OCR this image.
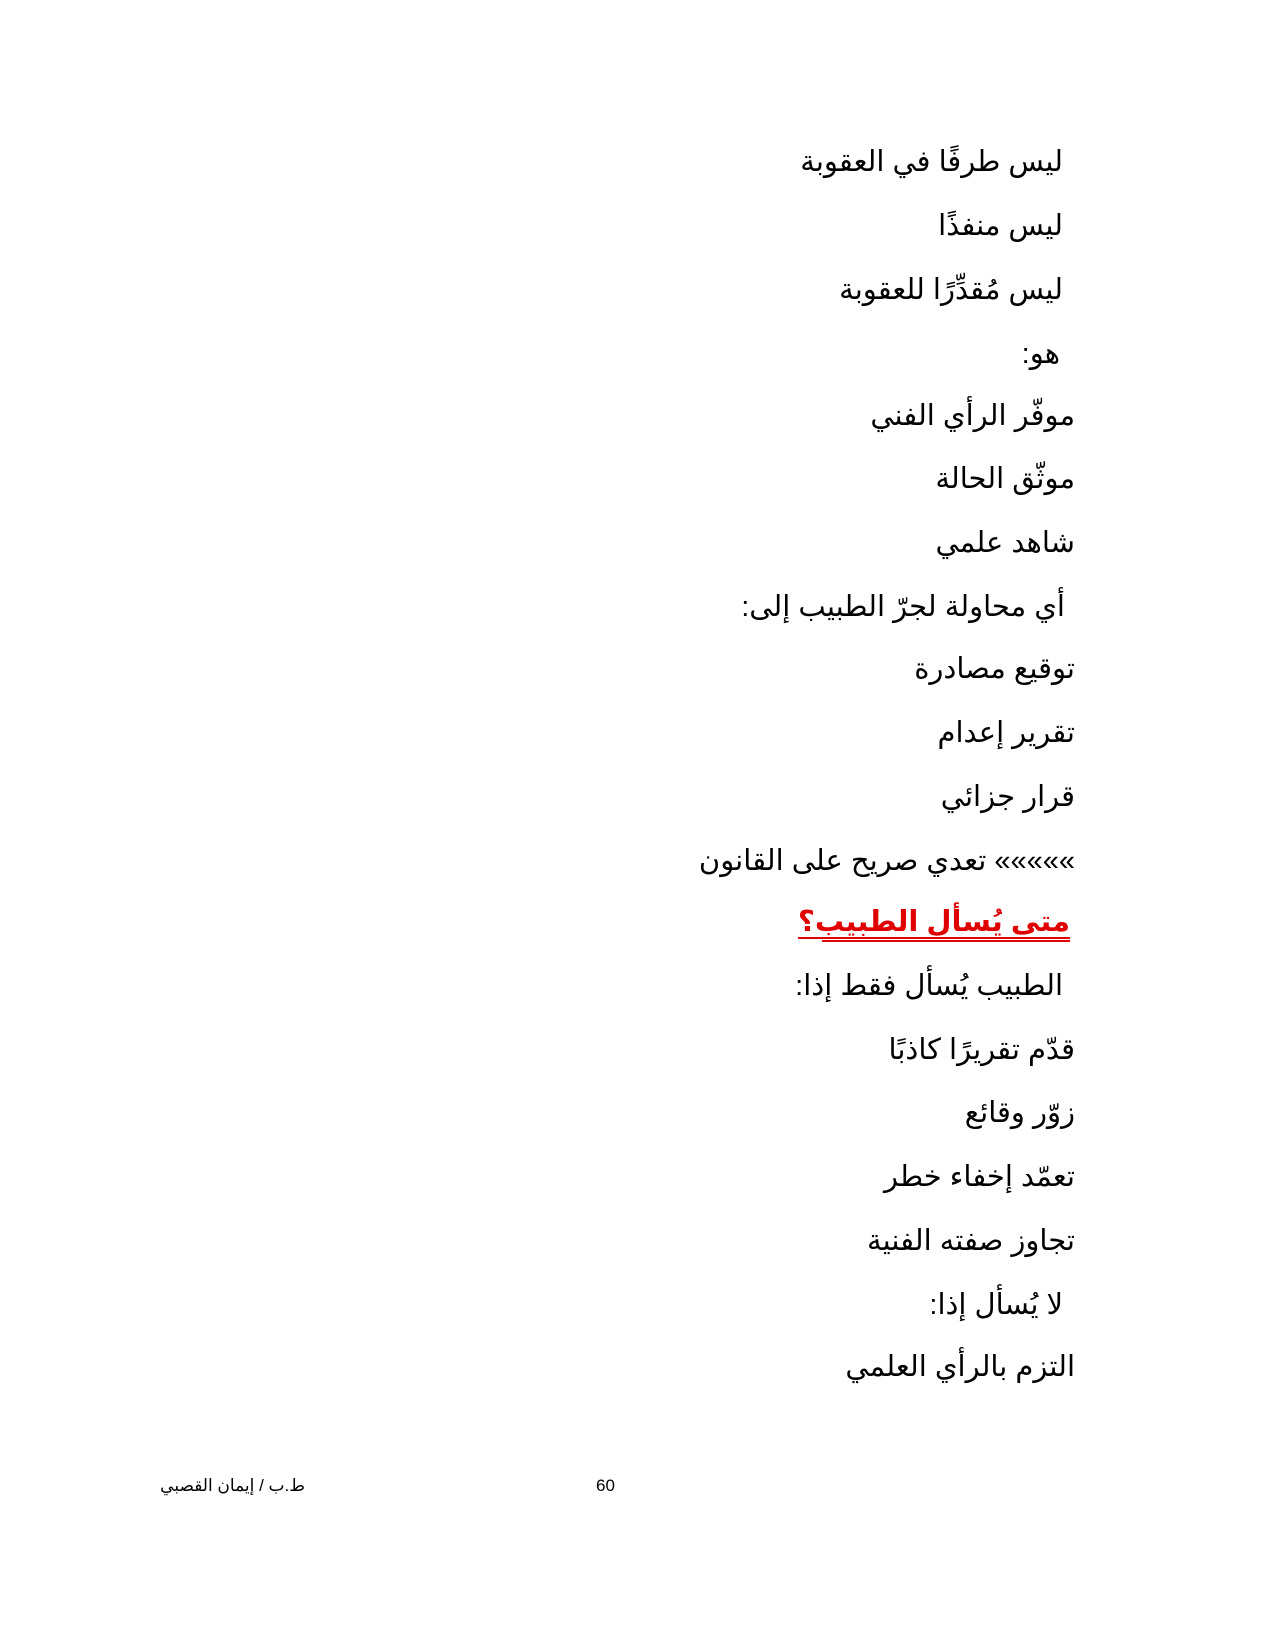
ليس طرفًا في العقوبة
ليس منفذًا
ليس مُقدِّرًا للعقوبة
هو:
موفّر الرأي الفني
موثّق الحالة
شاهد علمي
أي محاولة لجرّ الطبيب إلى:
توقيع مصادرة
تقرير إعدام
قرار جزائي
»»»»» تعدي صريح على القانون
متى يُسأل الطبيب؟
الطبيب يُسأل فقط إذا:
قدّم تقريرًا كاذبًا
زوّر وقائع
تعمّد إخفاء خطر
تجاوز صفته الفنية
لا يُسأل إذا:
التزم بالرأي العلمي
60
ط.ب / إيمان القصبي
